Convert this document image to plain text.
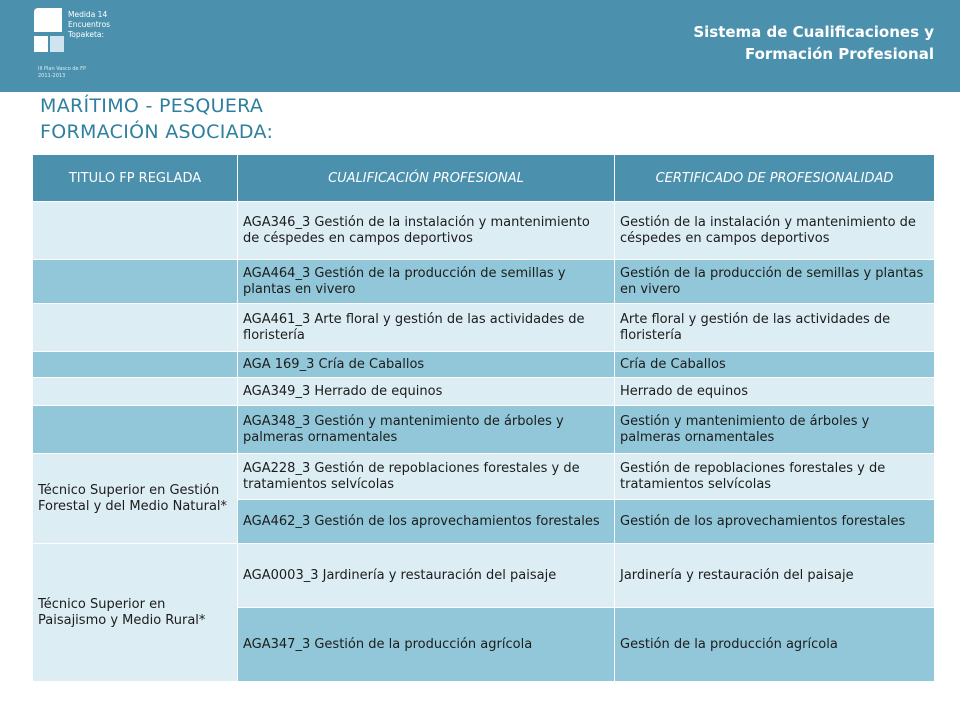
Medida 14
Encuentros
Topaketa:
III Plan Vasco de FP
2011-2013
Sistema de Cualificaciones y
Formación Profesional
MARÍTIMO - PESQUERA
FORMACIÓN ASOCIADA:
TITULO FP REGLADA	CUALIFICACIÓN PROFESIONAL	CERTIFICADO DE PROFESIONALIDAD
	AGA346_3 Gestión de la instalación y mantenimiento de céspedes en campos deportivos	Gestión de la instalación y mantenimiento de céspedes en campos deportivos
	AGA464_3 Gestión de la producción de semillas y plantas en vivero	Gestión de la producción de semillas y plantas en vivero
	AGA461_3 Arte floral y gestión de las actividades de floristería	Arte floral y gestión de las actividades de floristería
	AGA 169_3 Cría de Caballos	Cría de Caballos
	AGA349_3 Herrado de equinos	Herrado de equinos
	AGA348_3 Gestión y mantenimiento de árboles y palmeras ornamentales	Gestión y mantenimiento de árboles y palmeras ornamentales
Técnico Superior en Gestión Forestal y del Medio Natural*	AGA228_3 Gestión de repoblaciones forestales y de tratamientos selvícolas	Gestión de repoblaciones forestales y de tratamientos selvícolas
	AGA462_3 Gestión de los aprovechamientos forestales	Gestión de los aprovechamientos forestales
Técnico Superior en Paisajismo y Medio Rural*	AGA0003_3 Jardinería y restauración del paisaje	Jardinería y restauración del paisaje
	AGA347_3 Gestión de la producción agrícola	Gestión de la producción agrícola
